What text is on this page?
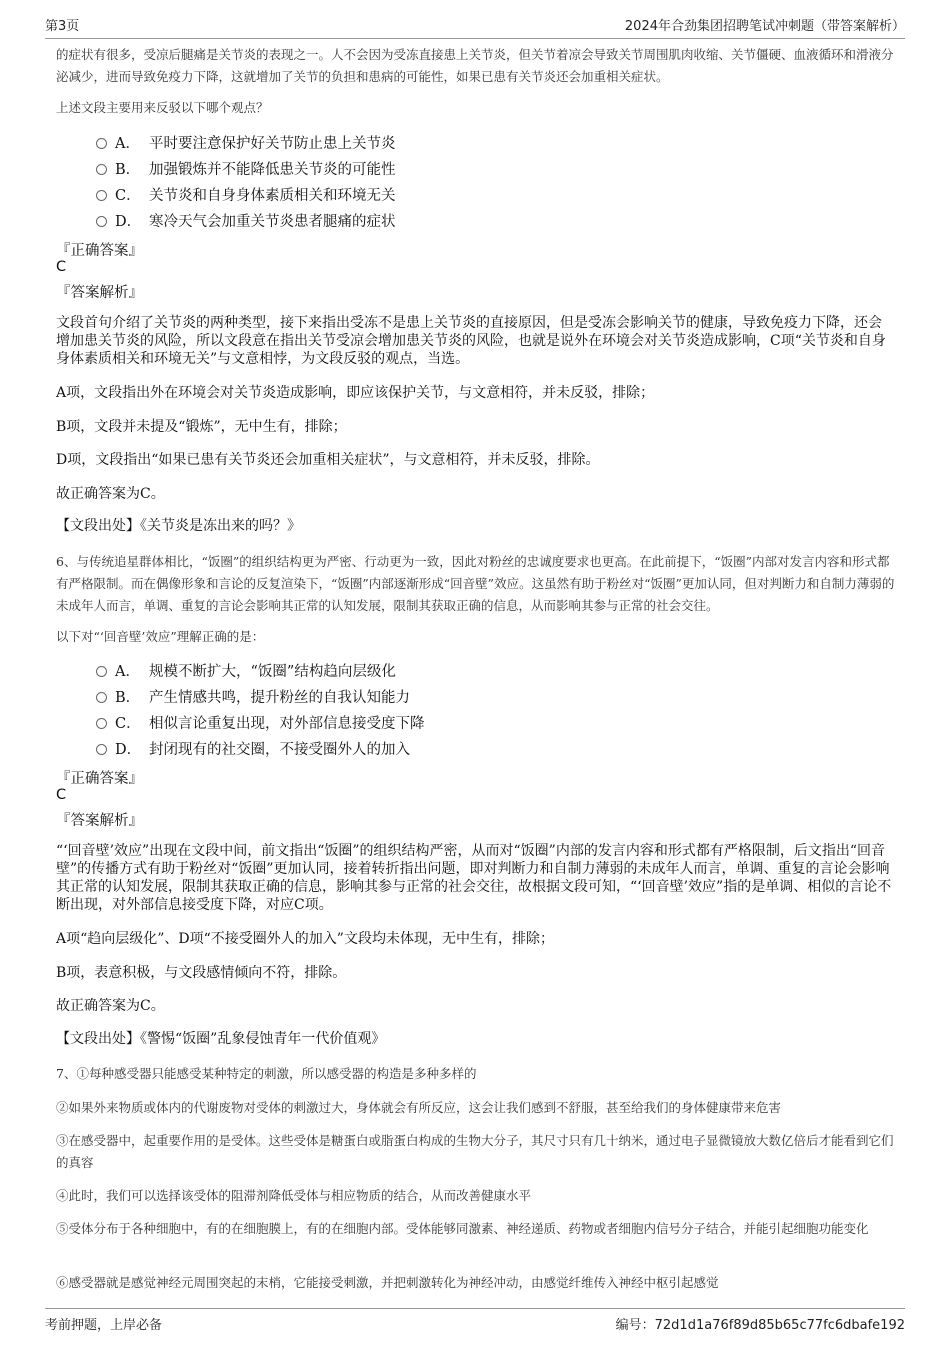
第3页	2024年合劲集团招聘笔试冲刺题（带答案解析）
的症状有很多，受凉后腿痛是关节炎的表现之一。人不会因为受冻直接患上关节炎，但关节着凉会导致关节周围肌肉收缩、关节僵硬、血液循环和滑液分泌减少，进而导致免疫力下降，这就增加了关节的负担和患病的可能性，如果已患有关节炎还会加重相关症状。
上述文段主要用来反驳以下哪个观点？
A． 平时要注意保护好关节防止患上关节炎
B． 加强锻炼并不能降低患关节炎的可能性
C． 关节炎和自身身体素质相关和环境无关
D． 寒冷天气会加重关节炎患者腿痛的症状
『正确答案』
C
『答案解析』
文段首句介绍了关节炎的两种类型，接下来指出受冻不是患上关节炎的直接原因，但是受冻会影响关节的健康，导致免疫力下降，还会增加患关节炎的风险，所以文段意在指出关节受凉会增加患关节炎的风险，也就是说外在环境会对关节炎造成影响，C项“关节炎和自身身体素质相关和环境无关”与文意相悖，为文段反驳的观点，当选。
A项，文段指出外在环境会对关节炎造成影响，即应该保护关节，与文意相符，并未反驳，排除；
B项，文段并未提及“锻炼”，无中生有，排除；
D项，文段指出“如果已患有关节炎还会加重相关症状”，与文意相符，并未反驳，排除。
故正确答案为C。
【文段出处】《关节炎是冻出来的吗？》
6、与传统追星群体相比，“饭圈”的组织结构更为严密、行动更为一致，因此对粉丝的忠诚度要求也更高。在此前提下，“饭圈”内部对发言内容和形式都有严格限制。而在偶像形象和言论的反复渲染下，“饭圈”内部逐渐形成“回音壁”效应。这虽然有助于粉丝对“饭圈”更加认同，但对判断力和自制力薄弱的未成年人而言，单调、重复的言论会影响其正常的认知发展，限制其获取正确的信息，从而影响其参与正常的社会交往。
以下对“‘回音壁’效应”理解正确的是：
A． 规模不断扩大，“饭圈”结构趋向层级化
B． 产生情感共鸣，提升粉丝的自我认知能力
C． 相似言论重复出现，对外部信息接受度下降
D． 封闭现有的社交圈，不接受圈外人的加入
『正确答案』
C
『答案解析』
“‘回音壁’效应”出现在文段中间，前文指出“饭圈”的组织结构严密，从而对“饭圈”内部的发言内容和形式都有严格限制，后文指出“回音壁”的传播方式有助于粉丝对“饭圈”更加认同，接着转折指出问题，即对判断力和自制力薄弱的未成年人而言，单调、重复的言论会影响其正常的认知发展，限制其获取正确的信息，影响其参与正常的社会交往，故根据文段可知，“‘回音壁’效应”指的是单调、相似的言论不断出现，对外部信息接受度下降，对应C项。
A项“趋向层级化”、D项“不接受圈外人的加入”文段均未体现，无中生有，排除；
B项，表意积极，与文段感情倾向不符，排除。
故正确答案为C。
【文段出处】《警惕“饭圈”乱象侵蚀青年一代价值观》
7、①每种感受器只能感受某种特定的刺激，所以感受器的构造是多种多样的
②如果外来物质或体内的代谢废物对受体的刺激过大，身体就会有所反应，这会让我们感到不舒服，甚至给我们的身体健康带来危害
③在感受器中，起重要作用的是受体。这些受体是糖蛋白或脂蛋白构成的生物大分子，其尺寸只有几十纳米，通过电子显微镜放大数亿倍后才能看到它们的真容
④此时，我们可以选择该受体的阻滞剂降低受体与相应物质的结合，从而改善健康水平
⑤受体分布于各种细胞中，有的在细胞膜上，有的在细胞内部。受体能够同激素、神经递质、药物或者细胞内信号分子结合，并能引起细胞功能变化
⑥感受器就是感觉神经元周围突起的末梢，它能接受刺激，并把刺激转化为神经冲动，由感觉纤维传入神经中枢引起感觉
考前押题，上岸必备	编号：72d1d1a76f89d85b65c77fc6dbafe192
